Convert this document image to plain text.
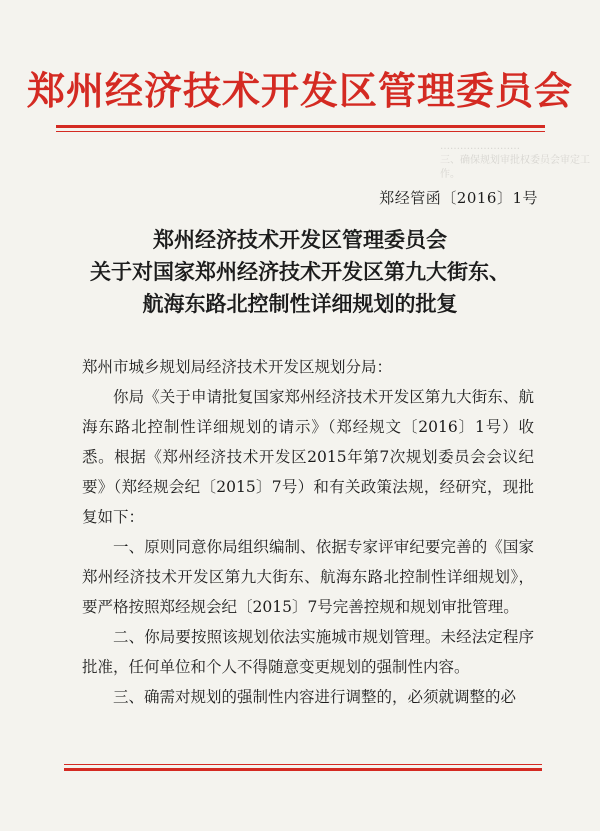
郑州经济技术开发区管理委员会
……………………
三、确保规划审批权委员会审定工作。
郑经管函〔2016〕1号
郑州经济技术开发区管理委员会
关于对国家郑州经济技术开发区第九大街东、
航海东路北控制性详细规划的批复

郑州市城乡规划局经济技术开发区规划分局：

你局《关于申请批复国家郑州经济技术开发区第九大街东、航海东路北控制性详细规划的请示》（郑经规文〔2016〕1号）收悉。根据《郑州经济技术开发区2015年第7次规划委员会会议纪要》（郑经规会纪〔2015〕7号）和有关政策法规，经研究，现批复如下：

一、原则同意你局组织编制、依据专家评审纪要完善的《国家郑州经济技术开发区第九大街东、航海东路北控制性详细规划》，要严格按照郑经规会纪〔2015〕7号完善控规和规划审批管理。

二、你局要按照该规划依法实施城市规划管理。未经法定程序批准，任何单位和个人不得随意变更规划的强制性内容。

三、确需对规划的强制性内容进行调整的，必须就调整的必
